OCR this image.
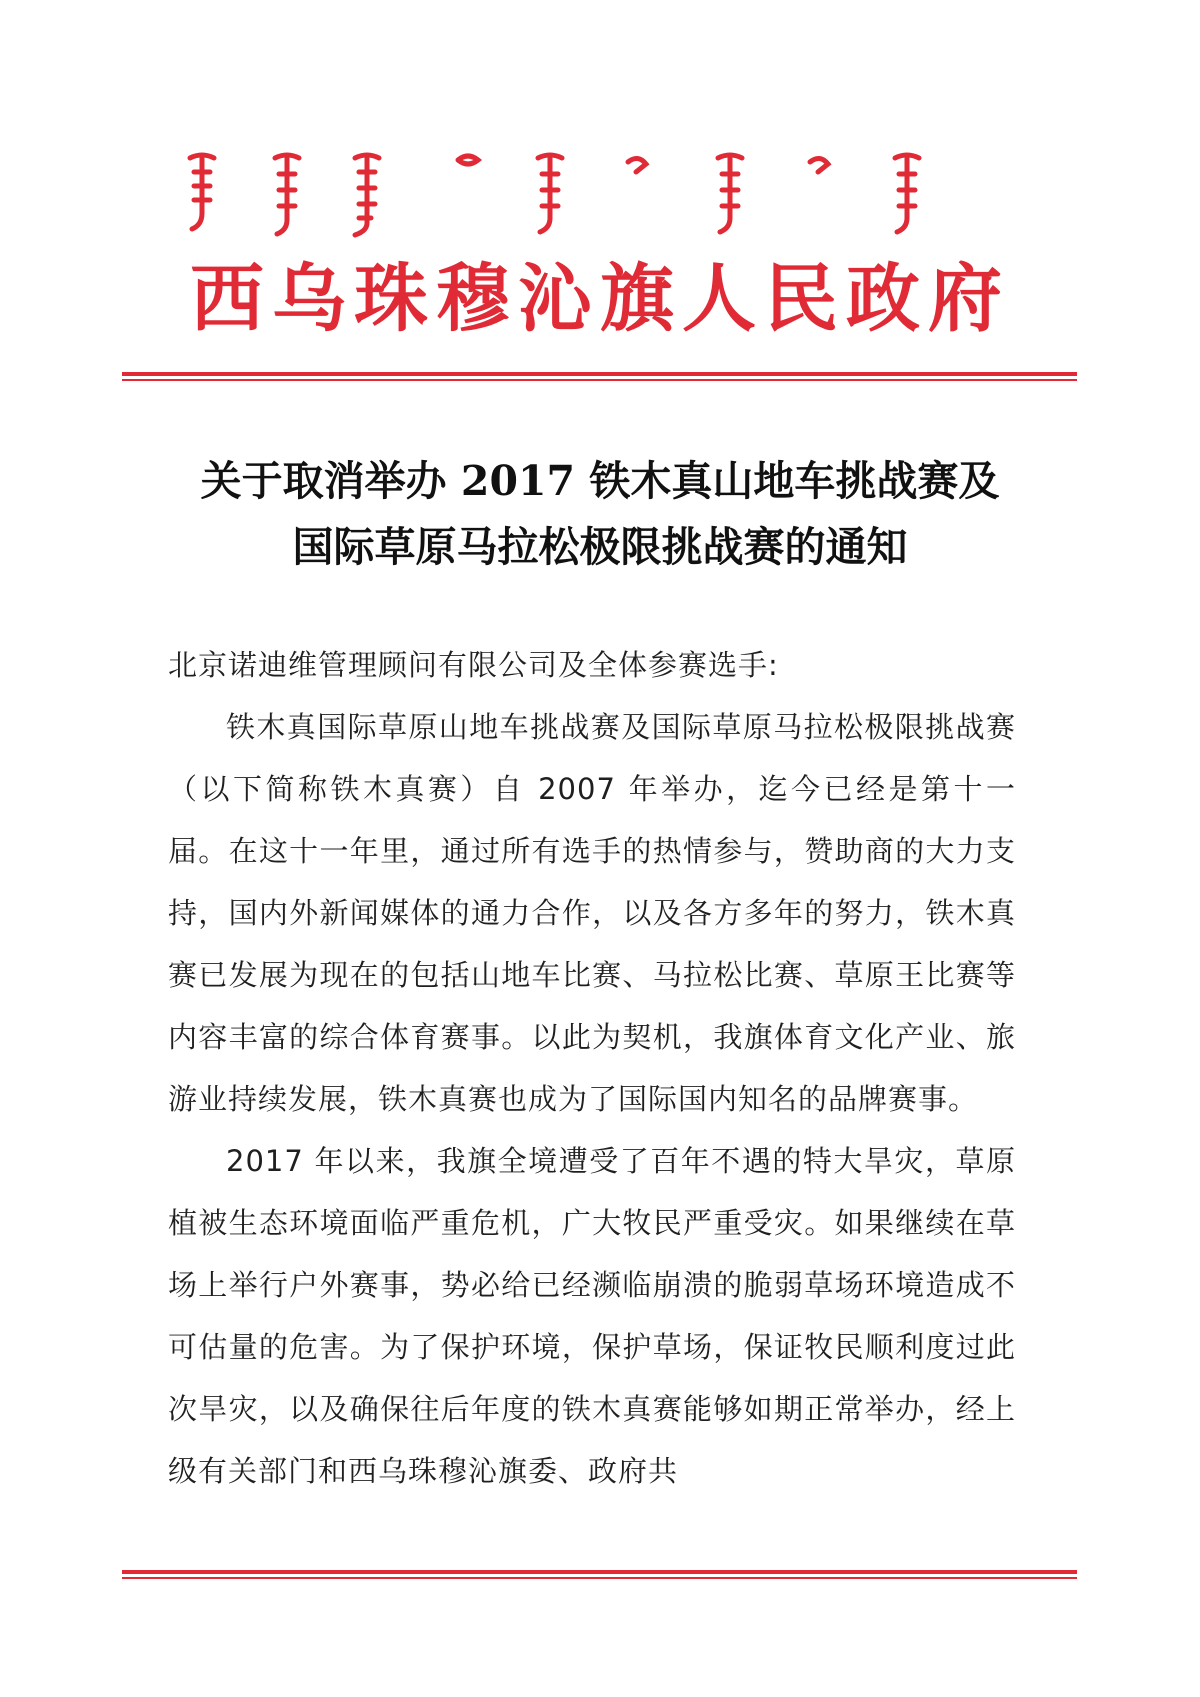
西乌珠穆沁旗人民政府
关于取消举办 2017 铁木真山地车挑战赛及
国际草原马拉松极限挑战赛的通知

北京诺迪维管理顾问有限公司及全体参赛选手:

铁木真国际草原山地车挑战赛及国际草原马拉松极限挑战赛（以下简称铁木真赛）自 2007 年举办，迄今已经是第十一届。在这十一年里，通过所有选手的热情参与，赞助商的大力支持，国内外新闻媒体的通力合作，以及各方多年的努力，铁木真赛已发展为现在的包括山地车比赛、马拉松比赛、草原王比赛等内容丰富的综合体育赛事。以此为契机，我旗体育文化产业、旅游业持续发展，铁木真赛也成为了国际国内知名的品牌赛事。

2017 年以来，我旗全境遭受了百年不遇的特大旱灾，草原植被生态环境面临严重危机，广大牧民严重受灾。如果继续在草场上举行户外赛事，势必给已经濒临崩溃的脆弱草场环境造成不可估量的危害。为了保护环境，保护草场，保证牧民顺利度过此次旱灾，以及确保往后年度的铁木真赛能够如期正常举办，经上级有关部门和西乌珠穆沁旗委、政府共
